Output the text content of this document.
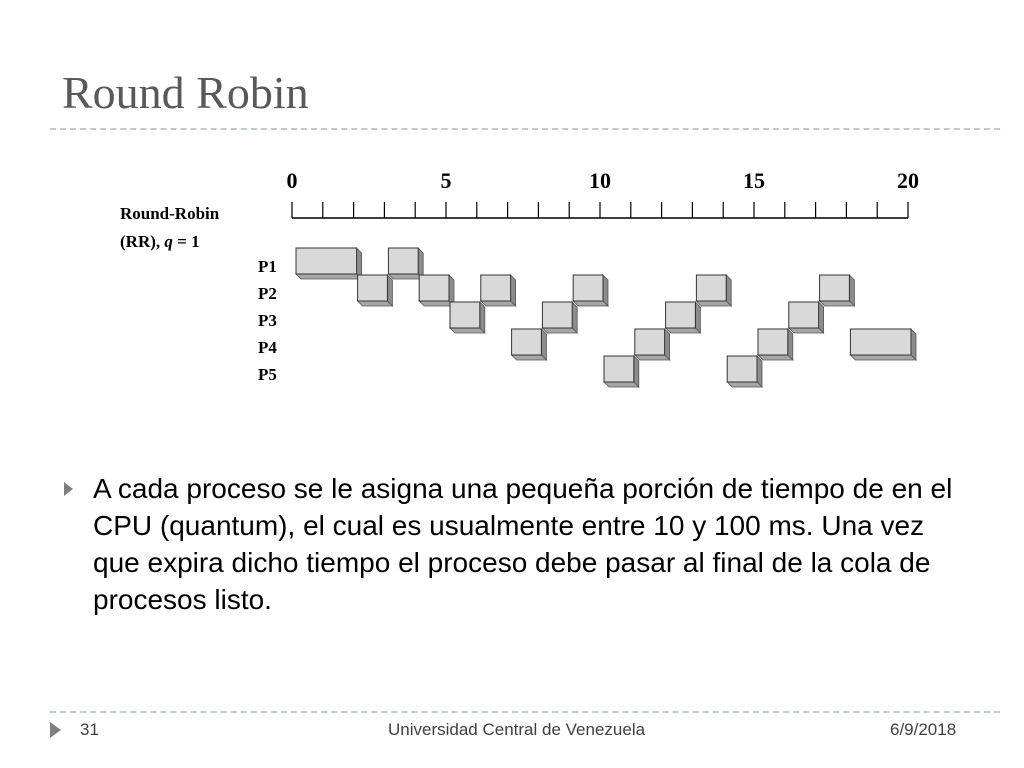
Round Robin
Round-Robin
(RR), q = 1
0	5	10	15	20
P1
P2
P3
P4
P5
A cada proceso se le asigna una pequeña porción de tiempo de en el CPU (quantum), el cual es usualmente entre 10 y 100 ms. Una vez que expira dicho tiempo el proceso debe pasar al final de la cola de procesos listo.
31	Universidad Central de Venezuela	6/9/2018
